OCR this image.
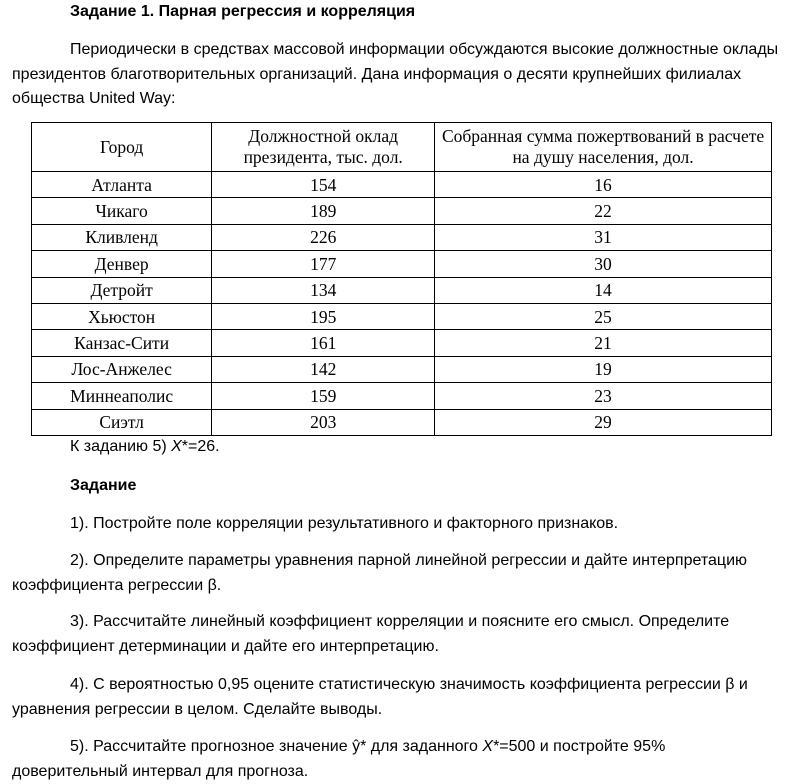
Задание 1. Парная регрессия и корреляция
Периодически в средствах массовой информации обсуждаются высокие должностные оклады президентов благотворительных организаций. Дана информация о десяти крупнейших филиалах общества United Way:
Город	Должностной оклад президента, тыс. дол.	Собранная сумма пожертвований в расчете на душу населения, дол.
Атланта	154	16
Чикаго	189	22
Кливленд	226	31
Денвер	177	30
Детройт	134	14
Хьюстон	195	25
Канзас-Сити	161	21
Лос-Анжелес	142	19
Миннеаполис	159	23
Сиэтл	203	29
К заданию 5) X*=26.
Задание
1). Постройте поле корреляции результативного и факторного признаков.
2). Определите параметры уравнения парной линейной регрессии и дайте интерпретацию коэффициента регрессии β.
3). Рассчитайте линейный коэффициент корреляции и поясните его смысл. Определите коэффициент детерминации и дайте его интерпретацию.
4). С вероятностью 0,95 оцените статистическую значимость коэффициента регрессии β и уравнения регрессии в целом. Сделайте выводы.
5). Рассчитайте прогнозное значение ŷ* для заданного X*=500 и постройте 95% доверительный интервал для прогноза.
